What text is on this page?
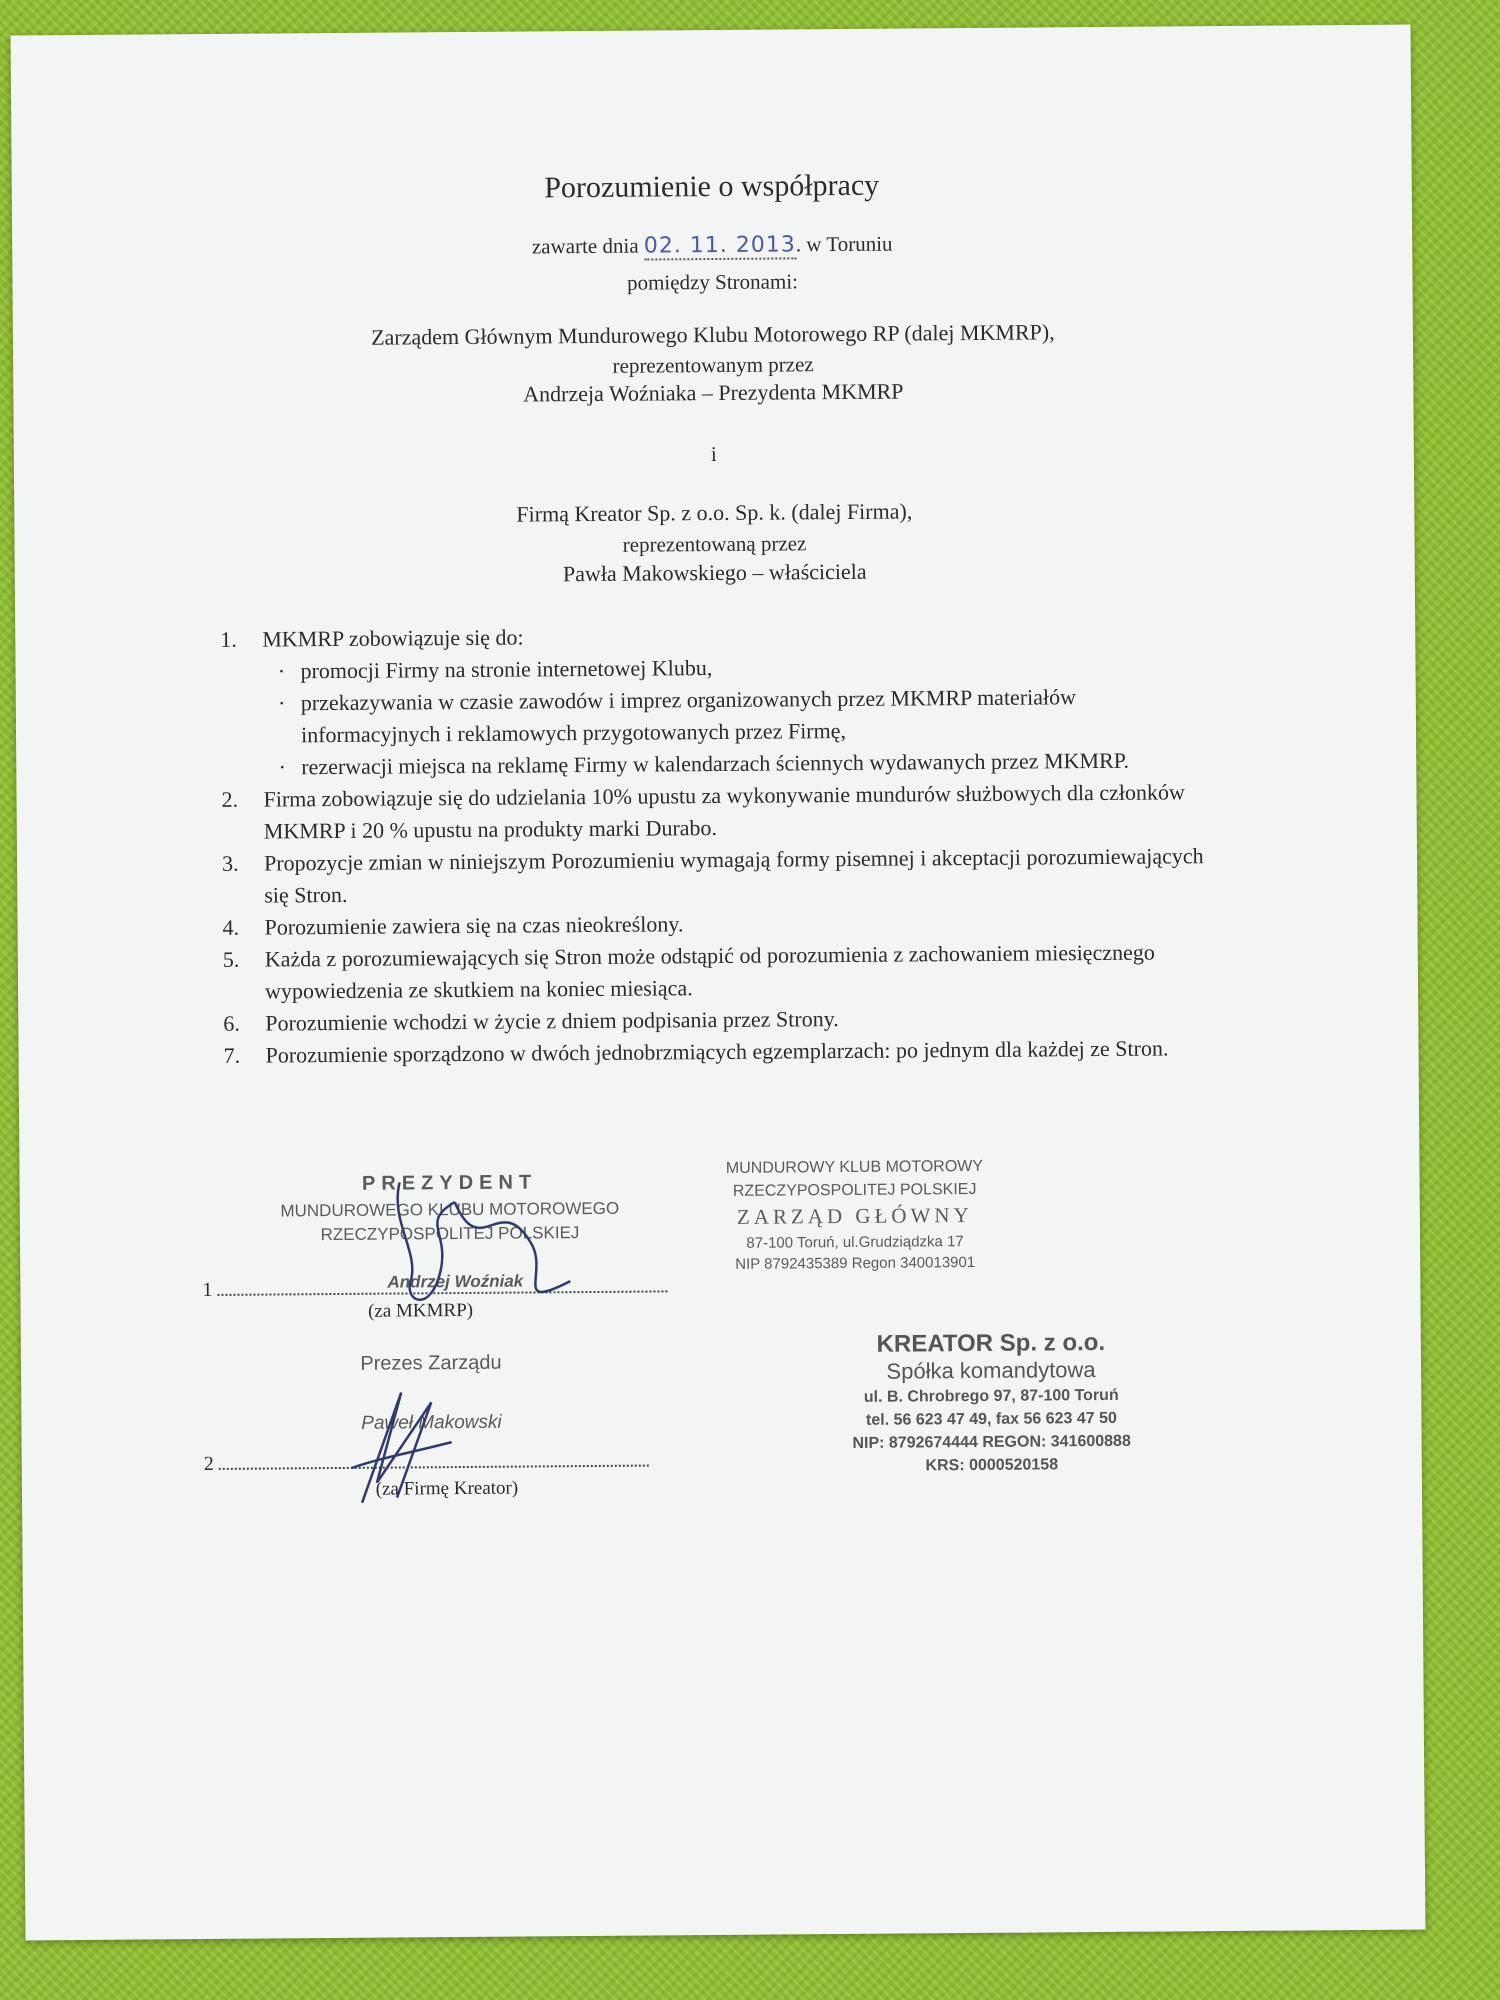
Porozumienie o współpracy
zawarte dnia 02. 11. 2013. w Toruniu
pomiędzy Stronami:
Zarządem Głównym Mundurowego Klubu Motorowego RP (dalej MKMRP),
reprezentowanym przez
Andrzeja Woźniaka – Prezydenta MKMRP
i
Firmą Kreator Sp. z o.o. Sp. k. (dalej Firma),
reprezentowaną przez
Pawła Makowskiego – właściciela
1. MKMRP zobowiązuje się do:
· promocji Firmy na stronie internetowej Klubu,
· przekazywania w czasie zawodów i imprez organizowanych przez MKMRP materiałów informacyjnych i reklamowych przygotowanych przez Firmę,
· rezerwacji miejsca na reklamę Firmy w kalendarzach ściennych wydawanych przez MKMRP.
2. Firma zobowiązuje się do udzielania 10% upustu za wykonywanie mundurów służbowych dla członków MKMRP i 20 % upustu na produkty marki Durabo.
3. Propozycje zmian w niniejszym Porozumieniu wymagają formy pisemnej i akceptacji porozumiewających się Stron.
4. Porozumienie zawiera się na czas nieokreślony.
5. Każda z porozumiewających się Stron może odstąpić od porozumienia z zachowaniem miesięcznego wypowiedzenia ze skutkiem na koniec miesiąca.
6. Porozumienie wchodzi w życie z dniem podpisania przez Strony.
7. Porozumienie sporządzono w dwóch jednobrzmiących egzemplarzach: po jednym dla każdej ze Stron.
PREZYDENT
MUNDUROWEGO KLUBU MOTOROWEGO
RZECZYPOSPOLITEJ POLSKIEJ
MUNDUROWY KLUB MOTOROWY
RZECZYPOSPOLITEJ POLSKIEJ
ZARZĄD GŁÓWNY
87-100 Toruń, ul.Grudziądzka 17
NIP 8792435389 Regon 340013901
1	Andrzej Woźniak
(za MKMRP)
Prezes Zarządu
Paweł Makowski
KREATOR Sp. z o.o.
Spółka komandytowa
ul. B. Chrobrego 97, 87-100 Toruń
tel. 56 623 47 49, fax 56 623 47 50
NIP: 8792674444 REGON: 341600888
KRS: 0000520158
2
(za Firmę Kreator)
